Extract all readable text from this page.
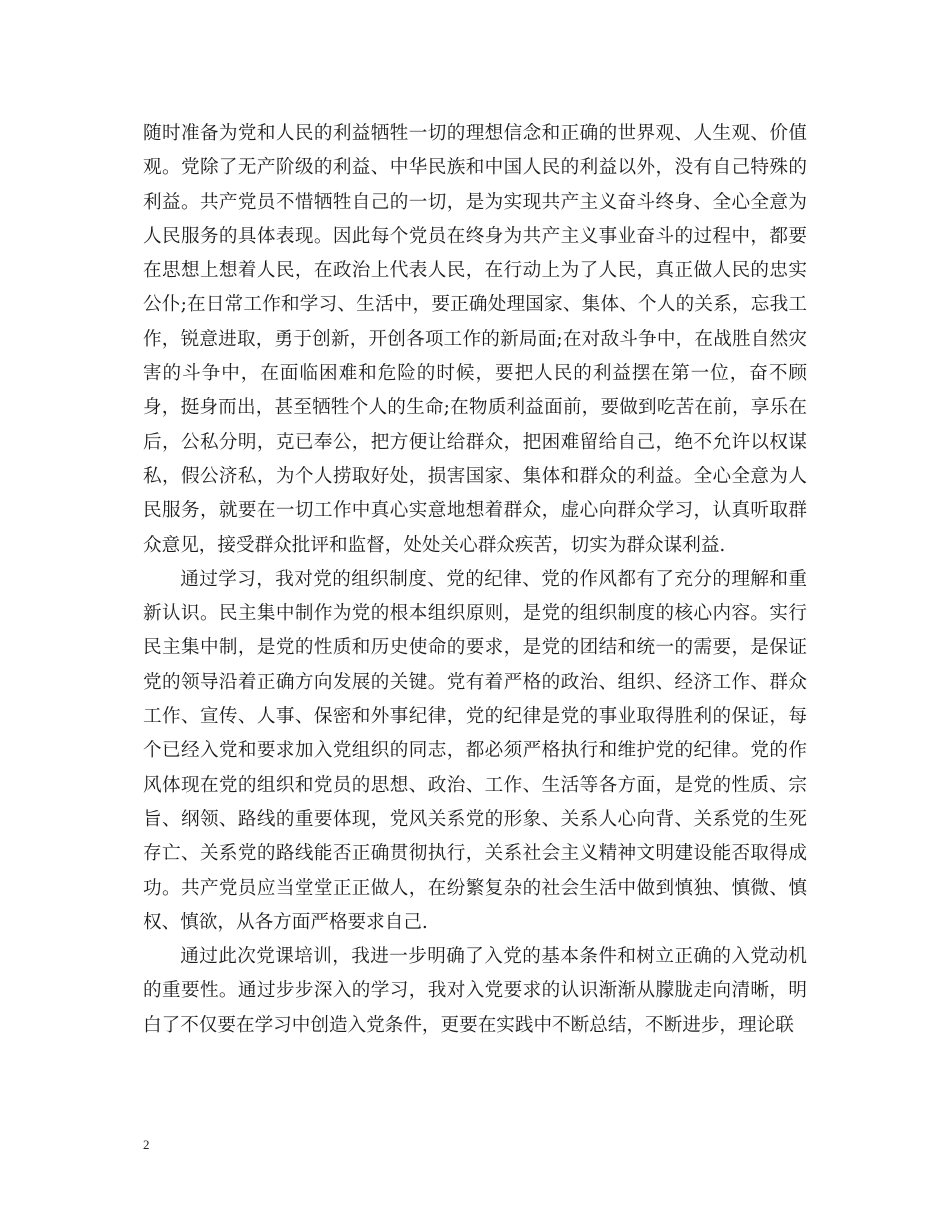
随时准备为党和人民的利益牺牲一切的理想信念和正确的世界观、人生观、价值观。党除了无产阶级的利益、中华民族和中国人民的利益以外，没有自己特殊的利益。共产党员不惜牺牲自己的一切，是为实现共产主义奋斗终身、全心全意为人民服务的具体表现。因此每个党员在终身为共产主义事业奋斗的过程中，都要在思想上想着人民，在政治上代表人民，在行动上为了人民，真正做人民的忠实公仆;在日常工作和学习、生活中，要正确处理国家、集体、个人的关系，忘我工作，锐意进取，勇于创新，开创各项工作的新局面;在对敌斗争中，在战胜自然灾害的斗争中，在面临困难和危险的时候，要把人民的利益摆在第一位，奋不顾身，挺身而出，甚至牺牲个人的生命;在物质利益面前，要做到吃苦在前，享乐在后，公私分明，克已奉公，把方便让给群众，把困难留给自己，绝不允许以权谋私，假公济私，为个人捞取好处，损害国家、集体和群众的利益。全心全意为人民服务，就要在一切工作中真心实意地想着群众，虚心向群众学习，认真听取群众意见，接受群众批评和监督，处处关心群众疾苦，切实为群众谋利益.

通过学习，我对党的组织制度、党的纪律、党的作风都有了充分的理解和重新认识。民主集中制作为党的根本组织原则，是党的组织制度的核心内容。实行民主集中制，是党的性质和历史使命的要求，是党的团结和统一的需要，是保证党的领导沿着正确方向发展的关键。党有着严格的政治、组织、经济工作、群众工作、宣传、人事、保密和外事纪律，党的纪律是党的事业取得胜利的保证，每个已经入党和要求加入党组织的同志，都必须严格执行和维护党的纪律。党的作风体现在党的组织和党员的思想、政治、工作、生活等各方面，是党的性质、宗旨、纲领、路线的重要体现，党风关系党的形象、关系人心向背、关系党的生死存亡、关系党的路线能否正确贯彻执行，关系社会主义精神文明建设能否取得成功。共产党员应当堂堂正正做人，在纷繁复杂的社会生活中做到慎独、慎微、慎权、慎欲，从各方面严格要求自己.

通过此次党课培训，我进一步明确了入党的基本条件和树立正确的入党动机的重要性。通过步步深入的学习，我对入党要求的认识渐渐从朦胧走向清晰，明白了不仅要在学习中创造入党条件，更要在实践中不断总结，不断进步，理论联

2
